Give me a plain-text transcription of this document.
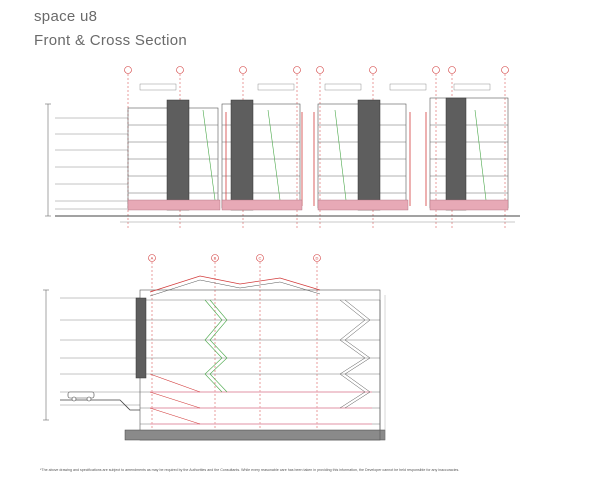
space u8
Front & Cross Section
A	B	C	D
*The above drawing and specifications are subject to amendments as may be required by the Authorities and the Consultants. While every reasonable care has been taken in providing this information, the Developer cannot be held responsible for any inaccuracies.
